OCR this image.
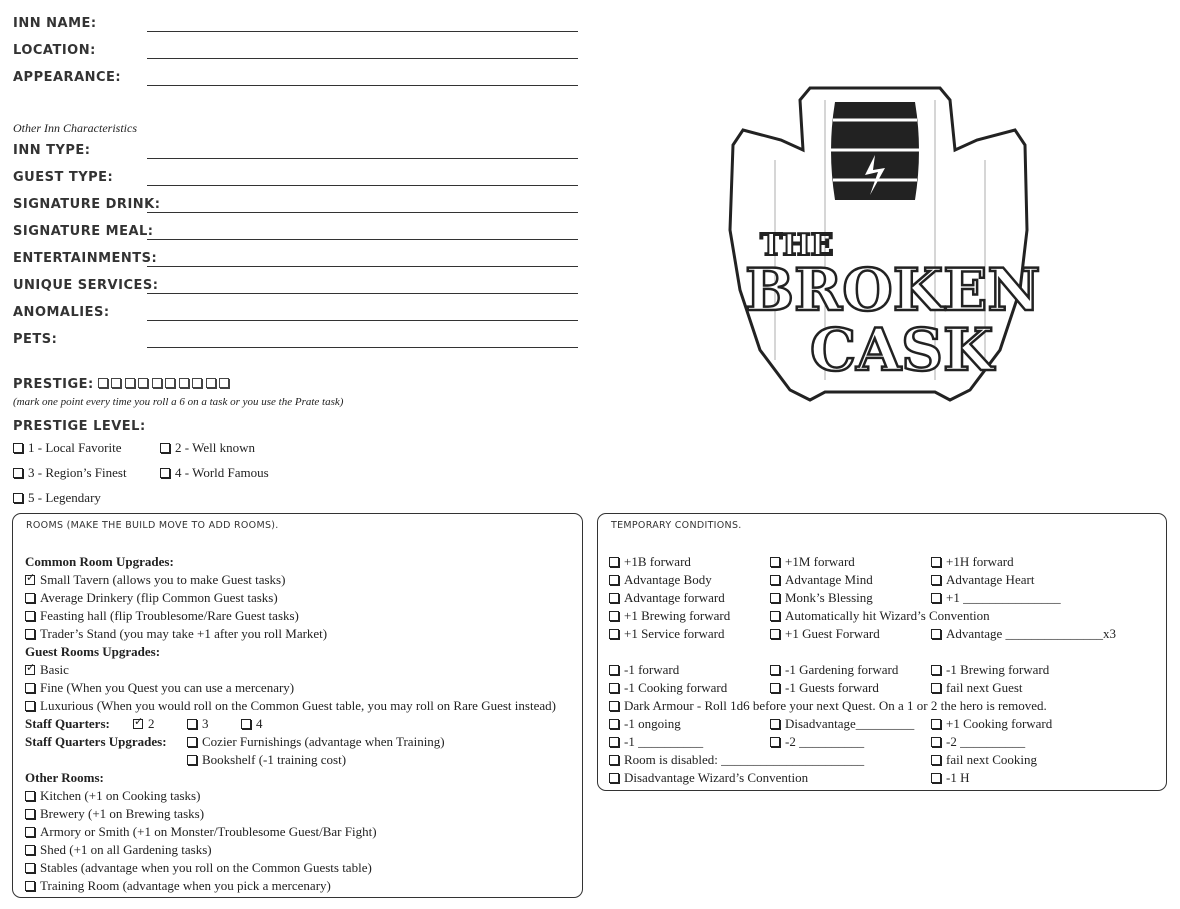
INN NAME:
LOCATION:
APPEARANCE:
INN TYPE:
GUEST TYPE:
SIGNATURE DRINK:
SIGNATURE MEAL:
ENTERTAINMENTS:
UNIQUE SERVICES:
ANOMALIES:
PETS:
Other Inn Characteristics
PRESTIGE:
(mark one point every time you roll a 6 on a task or you use the Prate task)
PRESTIGE LEVEL:
1 - Local Favorite	2 - Well known
3 - Region’s Finest	4 - World Famous
5 - Legendary
THE
BROKEN
CASK
ROOMS (MAKE THE BUILD MOVE TO ADD ROOMS).
Common Room Upgrades:
✓Small Tavern (allows you to make Guest tasks)
Average Drinkery (flip Common Guest tasks)
Feasting hall (flip Troublesome/Rare Guest tasks)
Trader’s Stand (you may take +1 after you roll Market)
Guest Rooms Upgrades:
✓Basic
Fine (When you Quest you can use a mercenary)
Luxurious (When you would roll on the Common Guest table, you may roll on Rare Guest instead)
Staff Quarters: ✓	2	3	4
Staff Quarters Upgrades:	Cozier Furnishings (advantage when Training)
Bookshelf (-1 training cost)
Other Rooms:
Kitchen (+1 on Cooking tasks)
Brewery (+1 on Brewing tasks)
Armory or Smith (+1 on Monster/Troublesome Guest/Bar Fight)
Shed (+1 on all Gardening tasks)
Stables (advantage when you roll on the Common Guests table)
Training Room (advantage when you pick a mercenary)
TEMPORARY CONDITIONS.
+1B forward	+1M forward	+1H forward
Advantage Body	Advantage Mind	Advantage Heart
Advantage forward	Monk’s Blessing	+1 _______________
+1 Brewing forward	Automatically hit Wizard’s Convention
+1 Service forward	+1 Guest Forward	Advantage _______________x3
-1 forward	-1 Gardening forward	-1 Brewing forward
-1 Cooking forward	-1 Guests forward	fail next Guest
Dark Armour - Roll 1d6 before your next Quest. On a 1 or 2 the hero is removed.
-1 ongoing	Disadvantage_________	+1 Cooking forward
-1 __________	-2 __________	-2 __________
Room is disabled: ______________________	fail next Cooking
Disadvantage Wizard’s Convention	-1 H
